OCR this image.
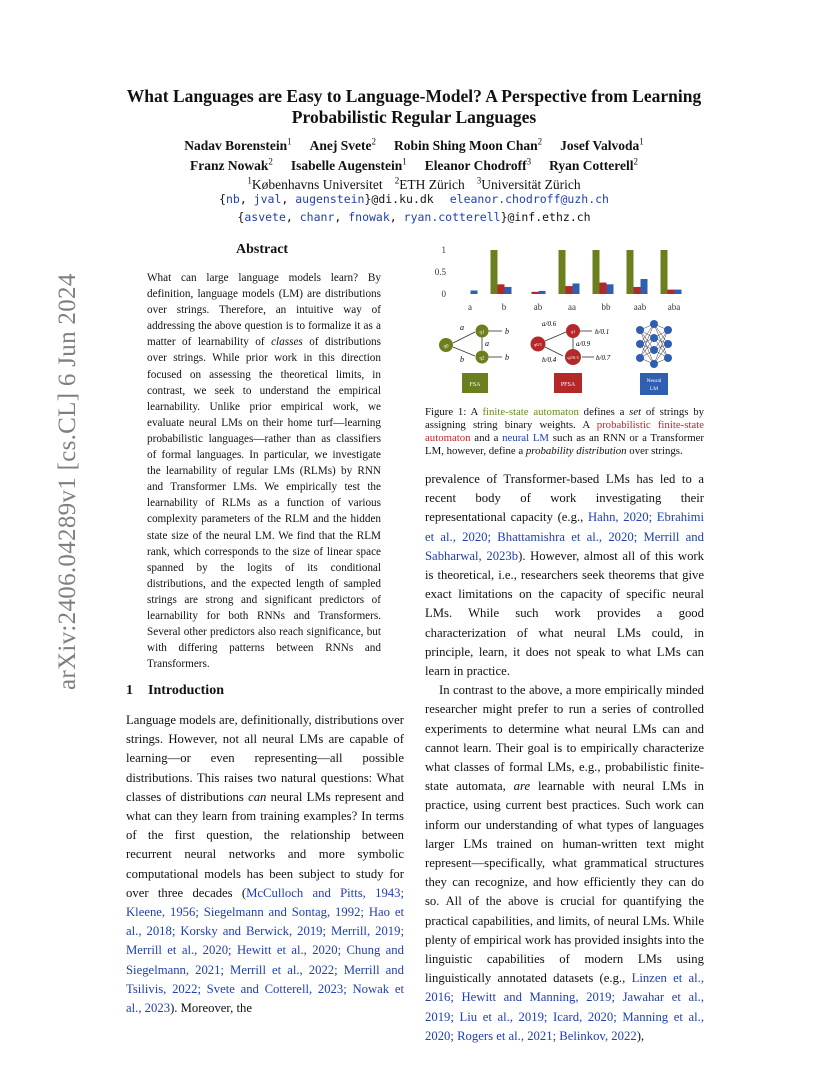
arXiv:2406.04289v1 [cs.CL] 6 Jun 2024
What Languages are Easy to Language-Model? A Perspective from Learning Probabilistic Regular Languages
Nadav Borenstein$^1$ Anej Svete$^2$ Robin Shing Moon Chan$^2$ Josef Valvoda$^1$
Franz Nowak$^2$ Isabelle Augenstein$^1$ Eleanor Chodroff$^3$ Ryan Cotterell$^2$
$^1$Københavns Universitet $^2$ETH Zürich $^3$Universität Zürich
{nb, jval, augenstein}@di.ku.dk eleanor.chodroff@uzh.ch
{asvete, chanr, fnowak, ryan.cotterell}@inf.ethz.ch
Abstract
What can large language models learn? By definition, language models (LM) are distributions over strings. Therefore, an intuitive way of addressing the above question is to formalize it as a matter of learnability of classes of distributions over strings. While prior work in this direction focused on assessing the theoretical limits, in contrast, we seek to understand the empirical learnability. Unlike prior empirical work, we evaluate neural LMs on their home turf—learning probabilistic languages—rather than as classifiers of formal languages. In particular, we investigate the learnability of regular LMs (RLMs) by RNN and Transformer LMs. We empirically test the learnability of RLMs as a function of various complexity parameters of the RLM and the hidden state size of the neural LM. We find that the RLM rank, which corresponds to the size of linear space spanned by the logits of its conditional distributions, and the expected length of sampled strings are strong and significant predictors of learnability for both RNNs and Transformers. Several other predictors also reach significance, but with differing patterns between RNNs and Transformers.
1 Introduction
Language models are, definitionally, distributions over strings. However, not all neural LMs are capable of learning—or even representing—all possible distributions. This raises two natural questions: What classes of distributions can neural LMs represent and what can they learn from training examples? In terms of the first question, the relationship between recurrent neural networks and more symbolic computational models has been subject to study for over three decades (McCulloch and Pitts, 1943; Kleene, 1956; Siegelmann and Sontag, 1992; Hao et al., 2018; Korsky and Berwick, 2019; Merrill, 2019; Merrill et al., 2020; Hewitt et al., 2020; Chung and Siegelmann, 2021; Merrill et al., 2022; Merrill and Tsilivis, 2022; Svete and Cotterell, 2023; Nowak et al., 2023). Moreover, the
0
0.5
1
a	b	ab	aa	bb	aab aba
q0
q1
q2
a	b
a
b	b
FSA
q0/1
q1
q2/0.3
a/0.6
b/0.1
a/0.9
b/0.4	b/0.7
PFSA
Neural
LM
Figure 1: A finite-state automaton defines a set of strings by assigning string binary weights. A probabilistic finite-state automaton and a neural LM such as an RNN or a Transformer LM, however, define a probability distribution over strings.
prevalence of Transformer-based LMs has led to a recent body of work investigating their representational capacity (e.g., Hahn, 2020; Ebrahimi et al., 2020; Bhattamishra et al., 2020; Merrill and Sabharwal, 2023b). However, almost all of this work is theoretical, i.e., researchers seek theorems that give exact limitations on the capacity of specific neural LMs. While such work provides a good characterization of what neural LMs could, in principle, learn, it does not speak to what LMs can learn in practice.
In contrast to the above, a more empirically minded researcher might prefer to run a series of controlled experiments to determine what neural LMs can and cannot learn. Their goal is to empirically characterize what classes of formal LMs, e.g., probabilistic finite-state automata, are learnable with neural LMs in practice, using current best practices. Such work can inform our understanding of what types of languages larger LMs trained on human-written text might represent—specifically, what grammatical structures they can recognize, and how efficiently they can do so. All of the above is crucial for quantifying the practical capabilities, and limits, of neural LMs. While plenty of empirical work has provided insights into the linguistic capabilities of modern LMs using linguistically annotated datasets (e.g., Linzen et al., 2016; Hewitt and Manning, 2019; Jawahar et al., 2019; Liu et al., 2019; Icard, 2020; Manning et al., 2020; Rogers et al., 2021; Belinkov, 2022),
